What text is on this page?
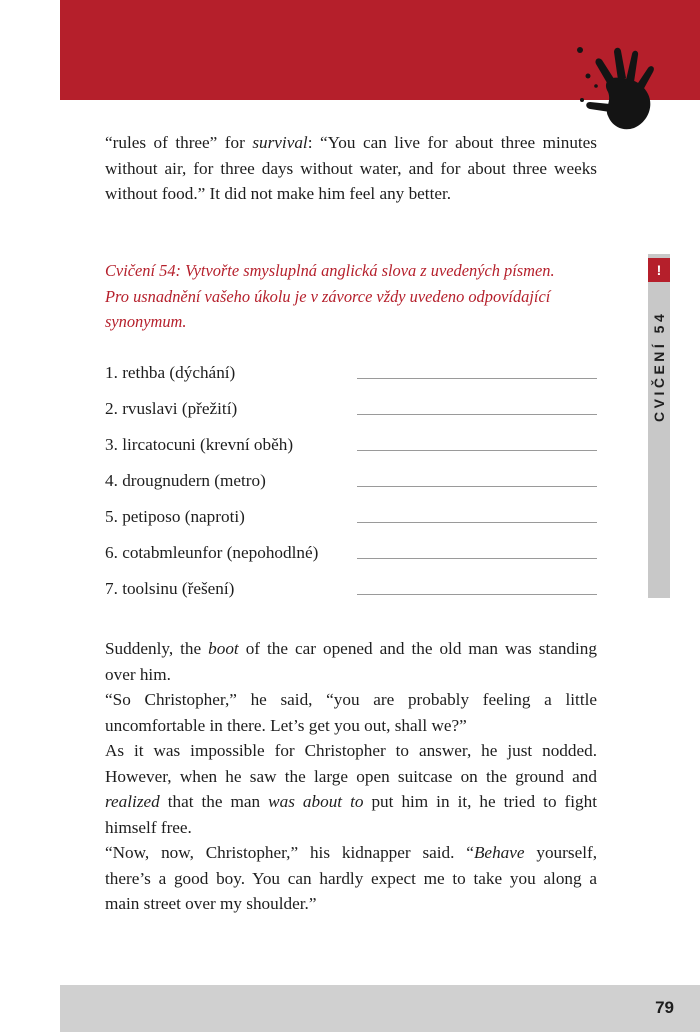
!
CVIČENÍ 54
“rules of three” for survival: “You can live for about three minutes
without air, for three days without water, and for about three weeks
without food.” It did not make him feel any better.
Cvičení 54: Vytvořte smysluplná anglická slova z uvedených písmen.
Pro usnadnění vašeho úkolu je v závorce vždy uvedeno odpovídající
synonymum.
1. rethba (dýchání)
2. rvuslavi (přežití)
3. lircatocuni (krevní oběh)
4. drougnudern (metro)
5. petiposo (naproti)
6. cotabmleunfor (nepohodlné)
7. toolsinu (řešení)
Suddenly, the boot of the car opened and the old man was standing
over him.
“So Christopher,” he said, “you are probably feeling a little
uncomfortable in there. Let’s get you out, shall we?”
As it was impossible for Christopher to answer, he just nodded.
However, when he saw the large open suitcase on the ground and
realized that the man was about to put him in it, he tried to fight
himself free.
“Now, now, Christopher,” his kidnapper said. “Behave yourself,
there’s a good boy. You can hardly expect me to take you along a
main street over my shoulder.”
79
